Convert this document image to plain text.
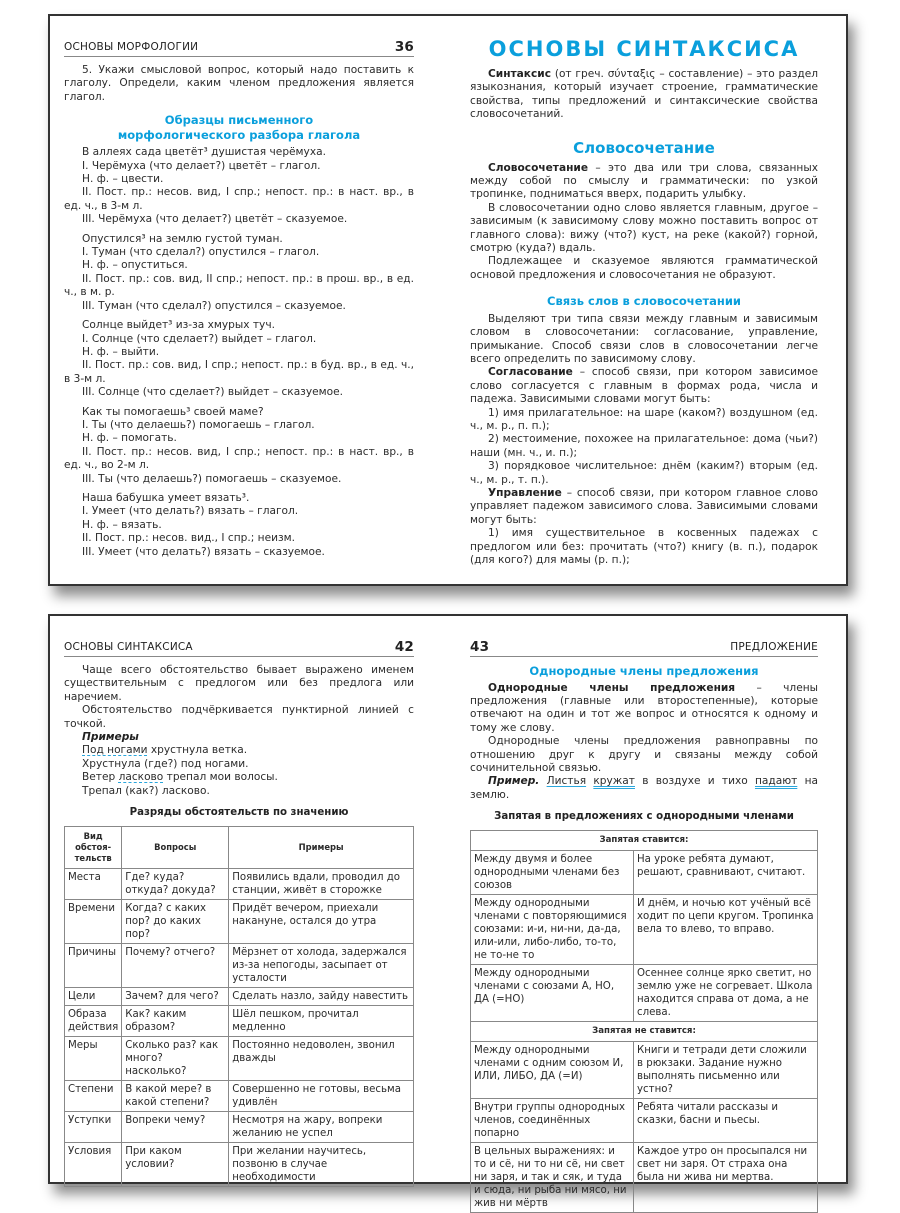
ОСНОВЫ МОРФОЛОГИИ	36

5. Укажи смысловой вопрос, который надо поставить к глаголу. Определи, каким членом предложения является глагол.

Образцы письменного
морфологического разбора глагола

В аллеях сада цветёт³ душистая черёмуха.

I. Черёмуха (что делает?) цветёт – глагол.

Н. ф. – цвести.

II. Пост. пр.: несов. вид, I спр.; непост. пр.: в наст. вр., в ед. ч., в 3-м л.

III. Черёмуха (что делает?) цветёт – сказуемое.

Опустился³ на землю густой туман.

I. Туман (что сделал?) опустился – глагол.

Н. ф. – опуститься.

II. Пост. пр.: сов. вид, II спр.; непост. пр.: в прош. вр., в ед. ч., в м. р.

III. Туман (что сделал?) опустился – сказуемое.

Солнце выйдет³ из-за хмурых туч.

I. Солнце (что сделает?) выйдет – глагол.

Н. ф. – выйти.

II. Пост. пр.: сов. вид, I спр.; непост. пр.: в буд. вр., в ед. ч., в 3-м л.

III. Солнце (что сделает?) выйдет – сказуемое.

Как ты помогаешь³ своей маме?

I. Ты (что делаешь?) помогаешь – глагол.

Н. ф. – помогать.

II. Пост. пр.: несов. вид, I спр.; непост. пр.: в наст. вр., в ед. ч., во 2-м л.

III. Ты (что делаешь?) помогаешь – сказуемое.

Наша бабушка умеет вязать³.

I. Умеет (что делать?) вязать – глагол.

Н. ф. – вязать.

II. Пост. пр.: несов. вид., I спр.; неизм.

III. Умеет (что делать?) вязать – сказуемое.

ОСНОВЫ СИНТАКСИСА

Синтаксис (от греч. σύνταξις – составление) – это раздел языкознания, который изучает строение, грамматические свойства, типы предложений и синтаксические свойства словосочетаний.

Словосочетание

Словосочетание – это два или три слова, связанных между собой по смыслу и грамматически: по узкой тропинке, подниматься вверх, подарить улыбку.

В словосочетании одно слово является главным, другое – зависимым (к зависимому слову можно поставить вопрос от главного слова): вижу (что?) куст, на реке (какой?) горной, смотрю (куда?) вдаль.

Подлежащее и сказуемое являются грамматической основой предложения и словосочетания не образуют.

Связь слов в словосочетании

Выделяют три типа связи между главным и зависимым словом в словосочетании: согласование, управление, примыкание. Способ связи слов в словосочетании легче всего определить по зависимому слову.

Согласование – способ связи, при котором зависимое слово согласуется с главным в формах рода, числа и падежа. Зависимыми словами могут быть:

1) имя прилагательное: на шаре (каком?) воздушном (ед. ч., м. р., п. п.);

2) местоимение, похожее на прилагательное: дома (чьи?) наши (мн. ч., и. п.);

3) порядковое числительное: днём (каким?) вторым (ед. ч., м. р., т. п.).

Управление – способ связи, при котором главное слово управляет падежом зависимого слова. Зависимыми словами могут быть:

1) имя существительное в косвенных падежах с предлогом или без: прочитать (что?) книгу (в. п.), подарок (для кого?) для мамы (р. п.);

ОСНОВЫ СИНТАКСИСА	42

Чаще всего обстоятельство бывает выражено именем существительным с предлогом или без предлога или наречием.

Обстоятельство подчёркивается пунктирной линией с точкой.

Примеры

Под ногами хрустнула ветка.

Хрустнула (где?) под ногами.

Ветер ласково трепал мои волосы.

Трепал (как?) ласково.

Разряды обстоятельств по значению

Вид обстоя-тельств	Вопросы	Примеры
Места	Где? куда? откуда? докуда?	Появились вдали, проводил до станции, живёт в сторожке
Времени	Когда? с каких пор? до каких пор?	Придёт вечером, приехали накануне, остался до утра
Причины	Почему? отчего?	Мёрзнет от холода, задержался из-за непогоды, засыпает от усталости
Цели	Зачем? для чего?	Сделать назло, зайду навестить
Образа действия	Как? каким образом?	Шёл пешком, прочитал медленно
Меры	Сколько раз? как много? насколько?	Постоянно недоволен, звонил дважды
Степени	В какой мере? в какой степени?	Совершенно не готовы, весьма удивлён
Уступки	Вопреки чему?	Несмотря на жару, вопреки желанию не успел
Условия	При каком условии?	При желании научитесь, позвоню в случае необходимости
ПРЕДЛОЖЕНИЕ
43

Однородные члены предложения

Однородные члены предложения – члены предложения (главные или второстепенные), которые отвечают на один и тот же вопрос и относятся к одному и тому же слову.

Однородные члены предложения равноправны по отношению друг к другу и связаны между собой сочинительной связью.

Пример. Листья кружат в воздухе и тихо падают на землю.

Запятая в предложениях с однородными членами

Запятая ставится:	
Между двумя и более однородными членами без союзов	На уроке ребята думают, решают, сравнивают, считают.
Между однородными членами с повторяющимися союзами: и-и, ни-ни, да-да, или-или, либо-либо, то-то, не то-не то	И днём, и ночью кот учёный всё ходит по цепи кругом. Тропинка вела то влево, то вправо.
Между однородными членами с союзами А, НО, ДА (=НО)	Осеннее солнце ярко светит, но землю уже не согревает. Школа находится справа от дома, а не слева.
Запятая не ставится:	
Между однородными членами с одним союзом И, ИЛИ, ЛИБО, ДА (=И)	Книги и тетради дети сложили в рюкзаки. Задание нужно выполнять письменно или устно?
Внутри группы однородных членов, соединённых попарно	Ребята читали рассказы и сказки, басни и пьесы.
В цельных выражениях: и то и сё, ни то ни сё, ни свет ни заря, и так и сяк, и туда и сюда, ни рыба ни мясо, ни жив ни мёртв	Каждое утро он просыпался ни свет ни заря. От страха она была ни жива ни мертва.
